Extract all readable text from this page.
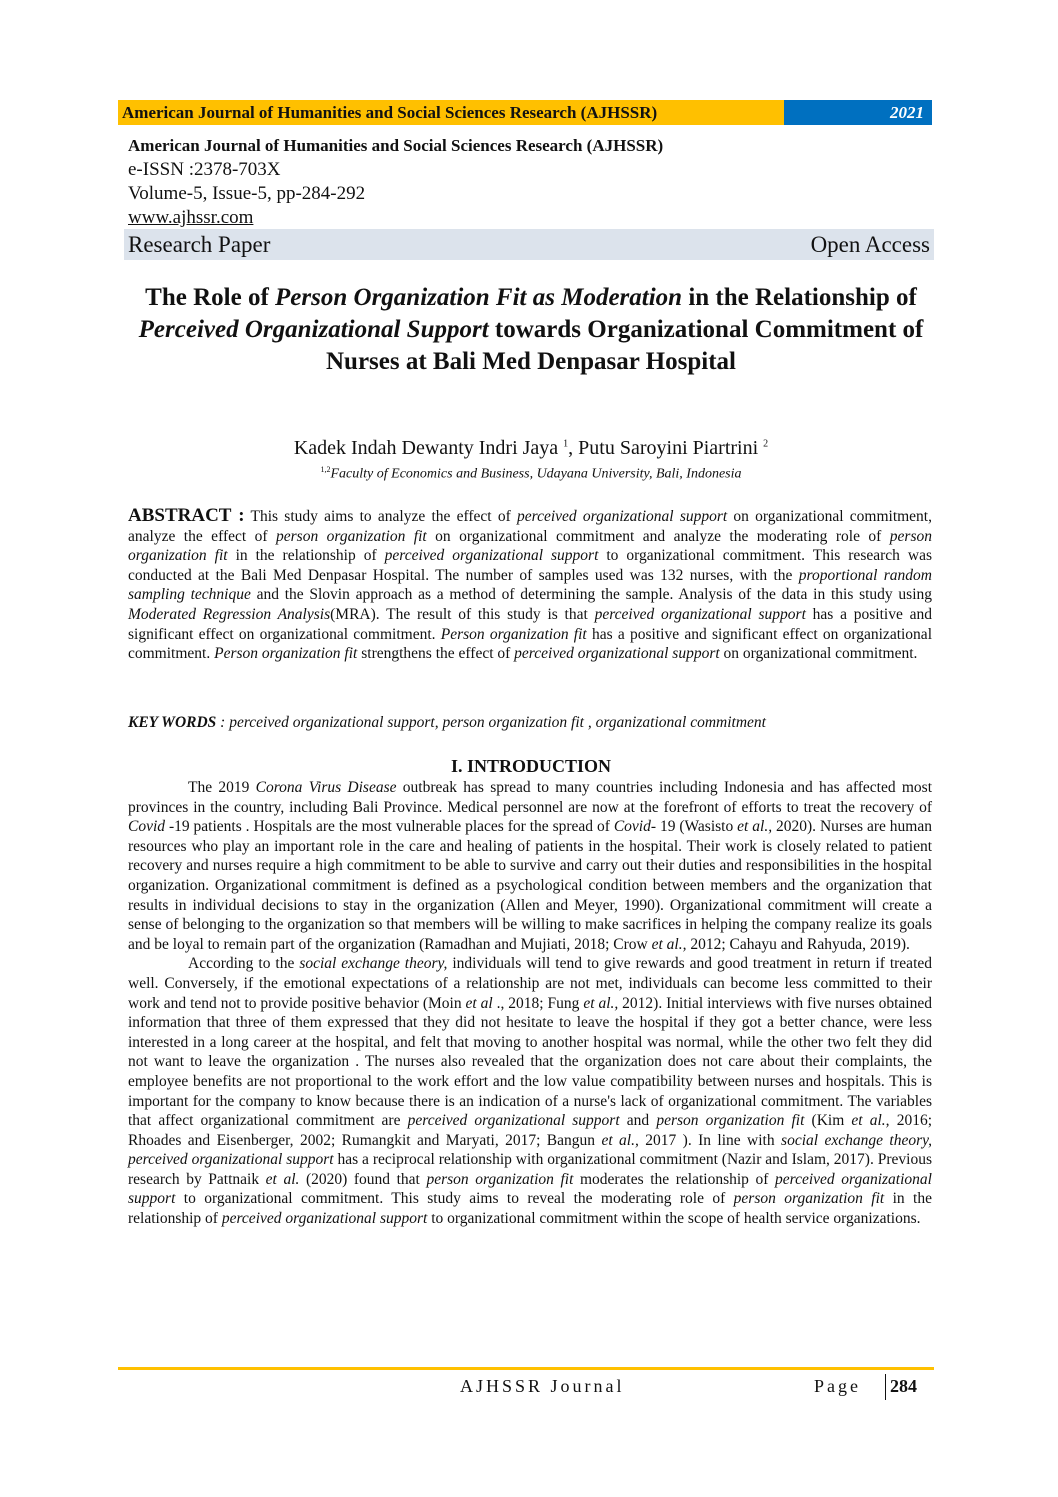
American Journal of Humanities and Social Sciences Research (AJHSSR)	2021
American Journal of Humanities and Social Sciences Research (AJHSSR)
e-ISSN :2378-703X
Volume-5, Issue-5, pp-284-292
www.ajhssr.com
Research Paper	Open Access
The Role of Person Organization Fit as Moderation in the Relationship of Perceived Organizational Support towards Organizational Commitment of Nurses at Bali Med Denpasar Hospital
Kadek Indah Dewanty Indri Jaya $^1$, Putu Saroyini Piartrini $^2$
$^{1,2}$Faculty of Economics and Business, Udayana University, Bali, Indonesia
ABSTRACT : This study aims to analyze the effect of perceived organizational support on organizational commitment, analyze the effect of person organization fit on organizational commitment and analyze the moderating role of person organization fit in the relationship of perceived organizational support to organizational commitment. This research was conducted at the Bali Med Denpasar Hospital. The number of samples used was 132 nurses, with the proportional random sampling technique and the Slovin approach as a method of determining the sample. Analysis of the data in this study using Moderated Regression Analysis(MRA). The result of this study is that perceived organizational support has a positive and significant effect on organizational commitment. Person organization fit has a positive and significant effect on organizational commitment. Person organization fit strengthens the effect of perceived organizational support on organizational commitment.
KEY WORDS : perceived organizational support, person organization fit , organizational commitment
I. INTRODUCTION

The 2019 Corona Virus Disease outbreak has spread to many countries including Indonesia and has affected most provinces in the country, including Bali Province. Medical personnel are now at the forefront of efforts to treat the recovery of Covid -19 patients . Hospitals are the most vulnerable places for the spread of Covid- 19 (Wasisto et al., 2020). Nurses are human resources who play an important role in the care and healing of patients in the hospital. Their work is closely related to patient recovery and nurses require a high commitment to be able to survive and carry out their duties and responsibilities in the hospital organization. Organizational commitment is defined as a psychological condition between members and the organization that results in individual decisions to stay in the organization (Allen and Meyer, 1990). Organizational commitment will create a sense of belonging to the organization so that members will be willing to make sacrifices in helping the company realize its goals and be loyal to remain part of the organization (Ramadhan and Mujiati, 2018; Crow et al., 2012; Cahayu and Rahyuda, 2019).

According to the social exchange theory, individuals will tend to give rewards and good treatment in return if treated well. Conversely, if the emotional expectations of a relationship are not met, individuals can become less committed to their work and tend not to provide positive behavior (Moin et al ., 2018; Fung et al., 2012). Initial interviews with five nurses obtained information that three of them expressed that they did not hesitate to leave the hospital if they got a better chance, were less interested in a long career at the hospital, and felt that moving to another hospital was normal, while the other two felt they did not want to leave the organization . The nurses also revealed that the organization does not care about their complaints, the employee benefits are not proportional to the work effort and the low value compatibility between nurses and hospitals. This is important for the company to know because there is an indication of a nurse's lack of organizational commitment. The variables that affect organizational commitment are perceived organizational support and person organization fit (Kim et al., 2016; Rhoades and Eisenberger, 2002; Rumangkit and Maryati, 2017; Bangun et al., 2017 ). In line with social exchange theory, perceived organizational support has a reciprocal relationship with organizational commitment (Nazir and Islam, 2017). Previous research by Pattnaik et al. (2020) found that person organization fit moderates the relationship of perceived organizational support to organizational commitment. This study aims to reveal the moderating role of person organization fit in the relationship of perceived organizational support to organizational commitment within the scope of health service organizations.

AJHSSR Journal	Page 284
